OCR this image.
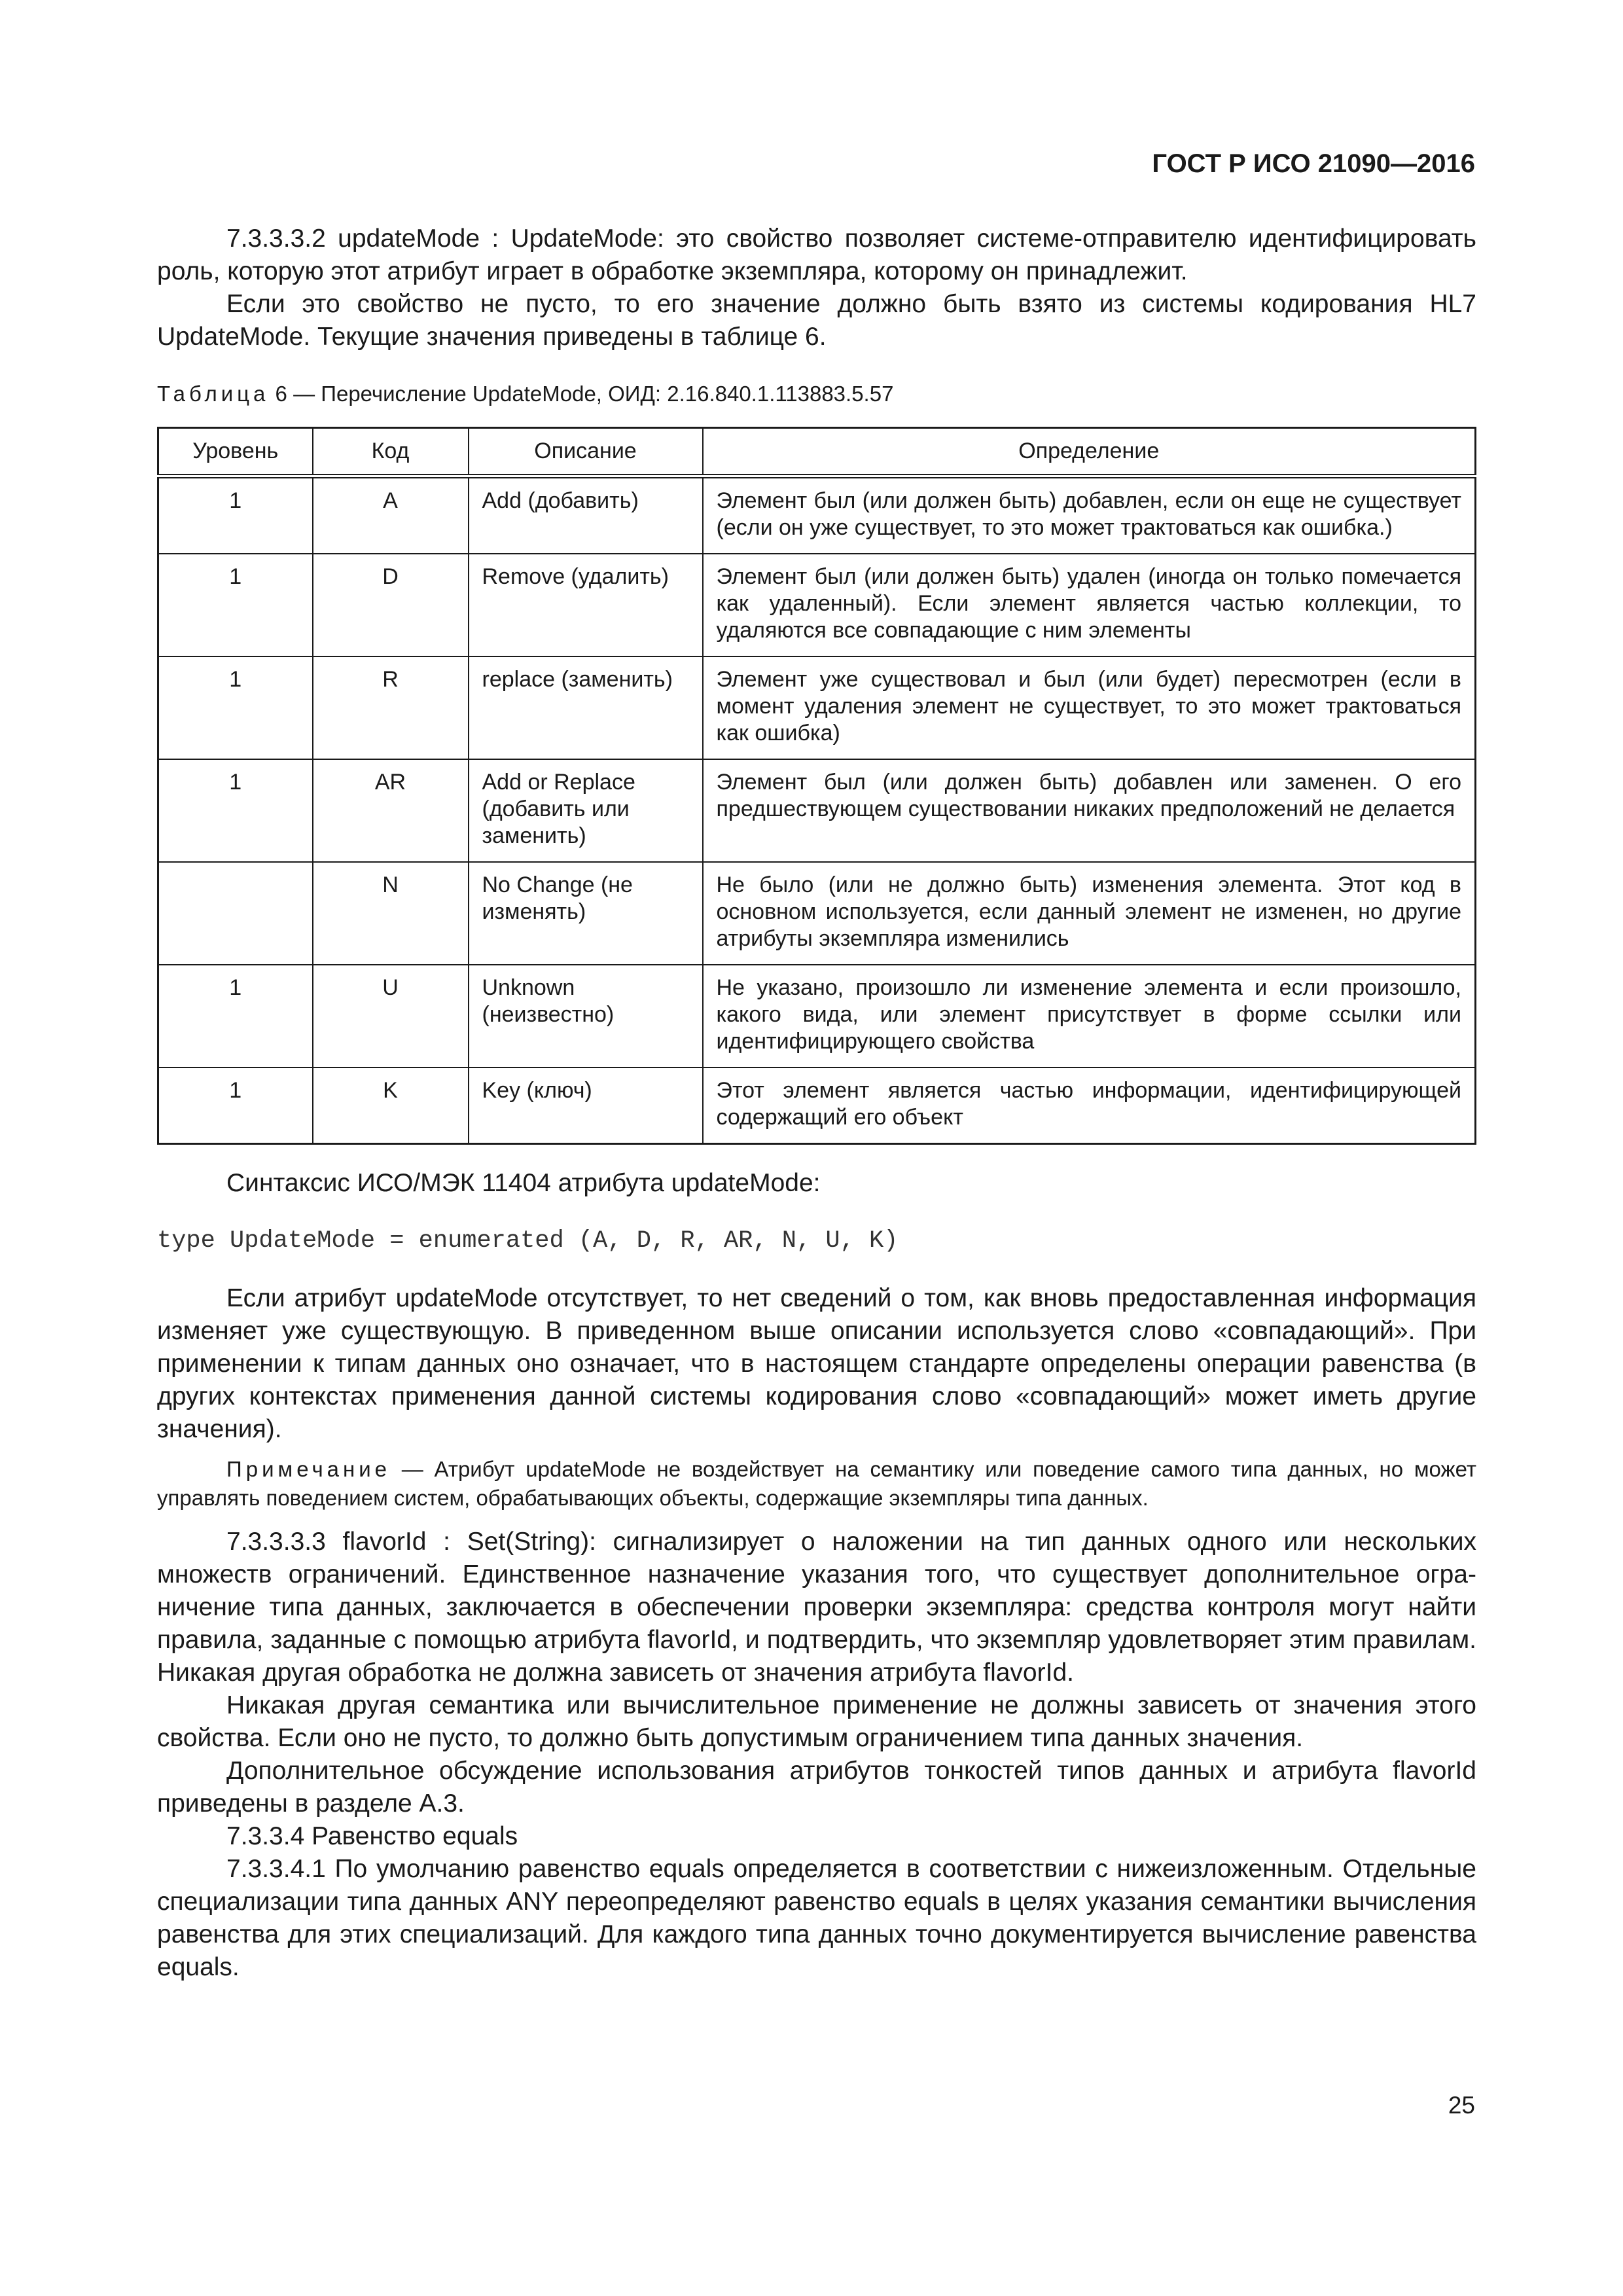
ГОСТ Р ИСО 21090—2016

7.3.3.3.2 updateMode : UpdateMode: это свойство позволяет системе-отправителю идентифицировать роль, которую этот атрибут играет в обработке экземпляра, которому он принадлежит.

Если это свойство не пусто, то его значение должно быть взято из системы кодирования HL7 UpdateMode. Текущие значения приведены в таблице 6.

Таблица 6 — Перечисление UpdateMode, ОИД: 2.16.840.1.113883.5.57

Уровень	Код	Описание	Определение
1	A	Add (добавить)	Элемент был (или должен быть) добавлен, если он еще не существует (если он уже существует, то это может трактоваться как ошибка.)
1	D	Remove (удалить)	Элемент был (или должен быть) удален (иногда он только помечается как удаленный). Если элемент является частью коллекции, то удаляются все совпадающие с ним элементы
1	R	replace (заменить)	Элемент уже существовал и был (или будет) пересмотрен (если в момент удаления элемент не существует, то это может трактоваться как ошибка)
1	AR	Add or Replace (добавить или заменить)	Элемент был (или должен быть) добавлен или заменен. О его предшествующем существовании никаких предположений не делается
	N	No Change (не изменять)	Не было (или не должно быть) изменения элемента. Этот код в основном используется, если данный элемент не изменен, но другие атрибуты экземпляра изменились
1	U	Unknown (неизвестно)	Не указано, произошло ли изменение элемента и если произошло, какого вида, или элемент присутствует в форме ссылки или идентифицирующего свойства
1	K	Key (ключ)	Этот элемент является частью информации, идентифицирующей содержащий его объект

Синтаксис ИСО/МЭК 11404 атрибута updateMode:

type UpdateMode = enumerated (A, D, R, AR, N, U, K)

Если атрибут updateMode отсутствует, то нет сведений о том, как вновь предоставленная информация изменяет уже существующую. В приведенном выше описании используется слово «совпадающий». При применении к типам данных оно означает, что в настоящем стандарте определены операции равенства (в других контекстах применения данной системы кодирования слово «совпадающий» может иметь другие значения).

Примечание — Атрибут updateMode не воздействует на семантику или поведение самого типа данных, но может управлять поведением систем, обрабатывающих объекты, содержащие экземпляры типа данных.

7.3.3.3.3 flavorId : Set(String): сигнализирует о наложении на тип данных одного или нескольких множеств ограничений. Единственное назначение указания того, что существует дополнительное ограничение типа данных, заключается в обеспечении проверки экземпляра: средства контроля могут найти правила, заданные с помощью атрибута flavorId, и подтвердить, что экземпляр удовлетворяет этим правилам. Никакая другая обработка не должна зависеть от значения атрибута flavorId.

Никакая другая семантика или вычислительное применение не должны зависеть от значения этого свойства. Если оно не пусто, то должно быть допустимым ограничением типа данных значения.

Дополнительное обсуждение использования атрибутов тонкостей типов данных и атрибута flavorId приведены в разделе А.3.

7.3.3.4 Равенство equals

7.3.3.4.1 По умолчанию равенство equals определяется в соответствии с нижеизложенным. Отдельные специализации типа данных ANY переопределяют равенство equals в целях указания семантики вычисления равенства для этих специализаций. Для каждого типа данных точно документируется вычисление равенства equals.

25
